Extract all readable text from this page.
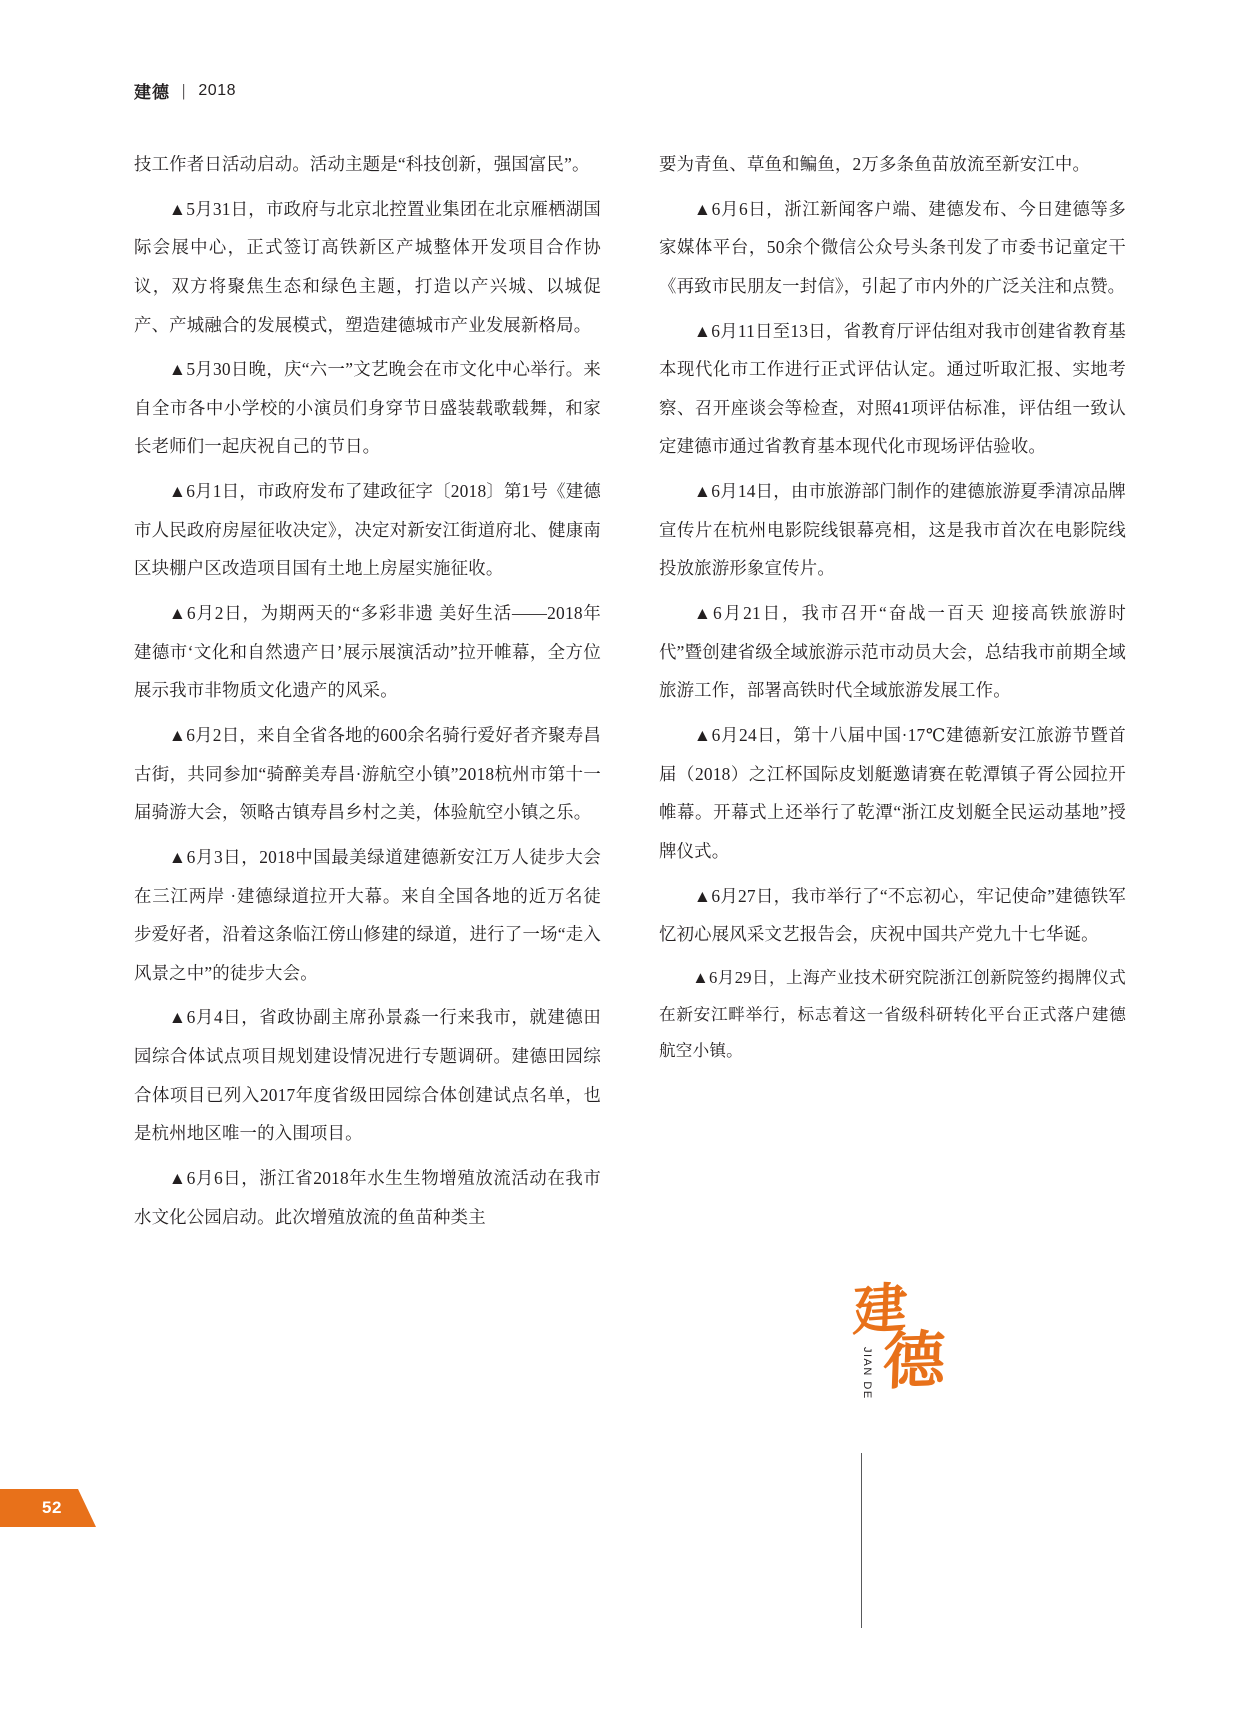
建德 | 2018

技工作者日活动启动。活动主题是“科技创新，强国富民”。

▲5月31日，市政府与北京北控置业集团在北京雁栖湖国际会展中心，正式签订高铁新区产城整体开发项目合作协议，双方将聚焦生态和绿色主题，打造以产兴城、以城促产、产城融合的发展模式，塑造建德城市产业发展新格局。

▲5月30日晚，庆“六一”文艺晚会在市文化中心举行。来自全市各中小学校的小演员们身穿节日盛装载歌载舞，和家长老师们一起庆祝自己的节日。

▲6月1日，市政府发布了建政征字〔2018〕第1号《建德市人民政府房屋征收决定》，决定对新安江街道府北、健康南区块棚户区改造项目国有土地上房屋实施征收。

▲6月2日，为期两天的“多彩非遗 美好生活——2018年建德市‘文化和自然遗产日’展示展演活动”拉开帷幕，全方位展示我市非物质文化遗产的风采。

▲6月2日，来自全省各地的600余名骑行爱好者齐聚寿昌古街，共同参加“骑醉美寿昌·游航空小镇”2018杭州市第十一届骑游大会，领略古镇寿昌乡村之美，体验航空小镇之乐。

▲6月3日，2018中国最美绿道建德新安江万人徒步大会在三江两岸 ·建德绿道拉开大幕。来自全国各地的近万名徒步爱好者，沿着这条临江傍山修建的绿道，进行了一场“走入风景之中”的徒步大会。

▲6月4日，省政协副主席孙景淼一行来我市，就建德田园综合体试点项目规划建设情况进行专题调研。建德田园综合体项目已列入2017年度省级田园综合体创建试点名单，也是杭州地区唯一的入围项目。

▲6月6日，浙江省2018年水生生物增殖放流活动在我市水文化公园启动。此次增殖放流的鱼苗种类主

要为青鱼、草鱼和鳊鱼，2万多条鱼苗放流至新安江中。

▲6月6日，浙江新闻客户端、建德发布、今日建德等多家媒体平台，50余个微信公众号头条刊发了市委书记童定干《再致市民朋友一封信》，引起了市内外的广泛关注和点赞。

▲6月11日至13日，省教育厅评估组对我市创建省教育基本现代化市工作进行正式评估认定。通过听取汇报、实地考察、召开座谈会等检查，对照41项评估标准，评估组一致认定建德市通过省教育基本现代化市现场评估验收。

▲6月14日，由市旅游部门制作的建德旅游夏季清凉品牌宣传片在杭州电影院线银幕亮相，这是我市首次在电影院线投放旅游形象宣传片。

▲6月21日，我市召开“奋战一百天 迎接高铁旅游时代”暨创建省级全域旅游示范市动员大会，总结我市前期全域旅游工作，部署高铁时代全域旅游发展工作。

▲6月24日，第十八届中国·17℃建德新安江旅游节暨首届（2018）之江杯国际皮划艇邀请赛在乾潭镇子胥公园拉开帷幕。开幕式上还举行了乾潭“浙江皮划艇全民运动基地”授牌仪式。

▲6月27日，我市举行了“不忘初心，牢记使命”建德铁军忆初心展风采文艺报告会，庆祝中国共产党九十七华诞。

▲6月29日，上海产业技术研究院浙江创新院签约揭牌仪式在新安江畔举行，标志着这一省级科研转化平台正式落户建德航空小镇。

建
德
JIAN DE
52
